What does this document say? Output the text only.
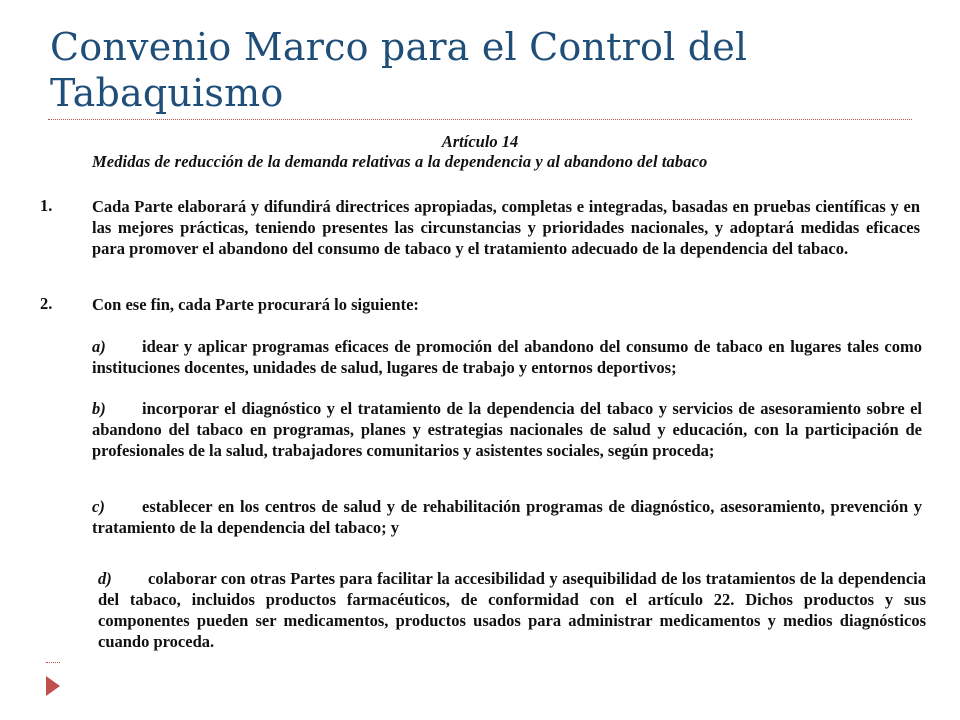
Convenio Marco para el Control del Tabaquismo

Artículo 14

Medidas de reducción de la demanda relativas a la dependencia y al abandono del tabaco

1. Cada Parte elaborará y difundirá directrices apropiadas, completas e integradas, basadas en pruebas científicas y en las mejores prácticas, teniendo presentes las circunstancias y prioridades nacionales, y adoptará medidas eficaces para promover el abandono del consumo de tabaco y el tratamiento adecuado de la dependencia del tabaco.

2. Con ese fin, cada Parte procurará lo siguiente:

a) idear y aplicar programas eficaces de promoción del abandono del consumo de tabaco en lugares tales como instituciones docentes, unidades de salud, lugares de trabajo y entornos deportivos;

b) incorporar el diagnóstico y el tratamiento de la dependencia del tabaco y servicios de asesoramiento sobre el abandono del tabaco en programas, planes y estrategias nacionales de salud y educación, con la participación de profesionales de la salud, trabajadores comunitarios y asistentes sociales, según proceda;

c) establecer en los centros de salud y de rehabilitación programas de diagnóstico, asesoramiento, prevención y tratamiento de la dependencia del tabaco; y

d) colaborar con otras Partes para facilitar la accesibilidad y asequibilidad de los tratamientos de la dependencia del tabaco, incluidos productos farmacéuticos, de conformidad con el artículo 22. Dichos productos y sus componentes pueden ser medicamentos, productos usados para administrar medicamentos y medios diagnósticos cuando proceda.
